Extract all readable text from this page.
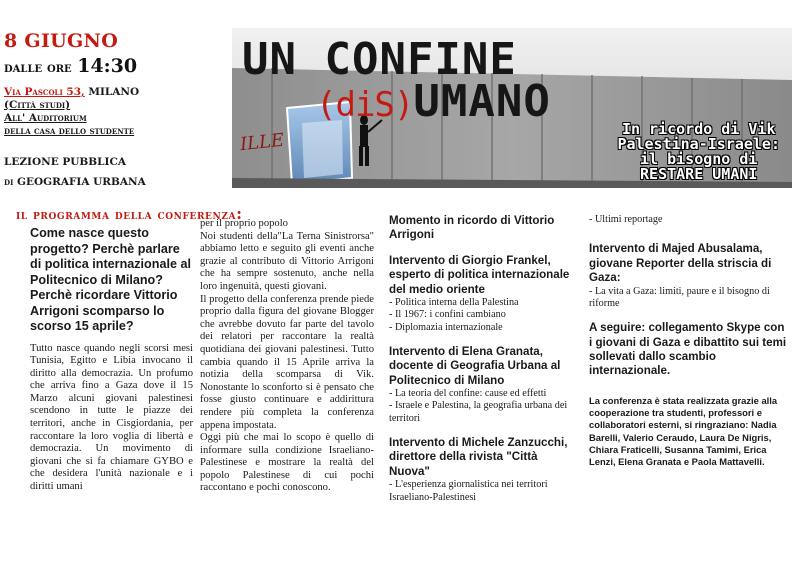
8 GIUGNO
dalle ore 14:30
Via Pascoli 53, MILANO
(Città studi)
All' Auditorium
della casa dello studente
LEZIONE PUBBLICA
di GEOGRAFIA URBANA
UN CONFINE
(diS)UMANO
In ricordo di Vik
Palestina-Israele:
il bisogno di
RESTARE UMANI
ILLE
il programma della conferenza:
Come nasce questo progetto? Perchè parlare di politica internazionale al Politecnico di Milano? Perchè ricordare Vittorio Arrigoni scomparso lo scorso 15 aprile?
Tutto nasce quando negli scorsi mesi Tunisia, Egitto e Libia invocano il diritto alla democrazia. Un profumo che arriva fino a Gaza dove il 15 Marzo alcuni giovani palestinesi scendono in tutte le piazze dei territori, anche in Cisgiordania, per raccontare la loro voglia di libertà e democrazia. Un movimento di giovani che si fa chiamare GYBO e che desidera l'unità nazionale e i diritti umani

per il proprio popolo

Noi studenti della"La Terna Sinistrorsa" abbiamo letto e seguito gli eventi anche grazie al contributo di Vittorio Arrigoni che ha sempre sostenuto, anche nella loro ingenuità, questi giovani.

Il progetto della conferenza prende piede proprio dalla figura del giovane Blogger che avrebbe dovuto far parte del tavolo dei relatori per raccontare la realtà quotidiana dei giovani palestinesi. Tutto cambia quando il 15 Aprile arriva la notizia della scomparsa di Vik. Nonostante lo sconforto si è pensato che fosse giusto continuare e addirittura rendere più completa la conferenza appena impostata.

Oggi più che mai lo scopo è quello di informare sulla condizione Israeliano-Palestinese e mostrare la realtà del popolo Palestinese di cui pochi raccontano e pochi conoscono.

Momento in ricordo di Vittorio Arrigoni
Intervento di Giorgio Frankel, esperto di politica internazionale del medio oriente
- Politica interna della Palestina
- Il 1967: i confini cambiano
- Diplomazia internazionale
Intervento di Elena Granata, docente di Geografia Urbana al Politecnico di Milano
- La teoria del confine: cause ed effetti
- Israele e Palestina, la geografia urbana dei territori
Intervento di Michele Zanzucchi, direttore della rivista "Città Nuova"
- L'esperienza giornalistica nei territori Israeliano-Palestinesi
- Ultimi reportage
Intervento di Majed Abusalama, giovane Reporter della striscia di Gaza:
- La vita a Gaza: limiti, paure e il bisogno di riforme
A seguire: collegamento Skype con i giovani di Gaza e dibattito sui temi sollevati dallo scambio internazionale.
La conferenza è stata realizzata grazie alla cooperazione tra studenti, professori e collaboratori esterni, si ringraziano: Nadia Barelli, Valerio Ceraudo, Laura De Nigris, Chiara Fraticelli, Susanna Tamimi, Erica Lenzi, Elena Granata e Paola Mattavelli.
